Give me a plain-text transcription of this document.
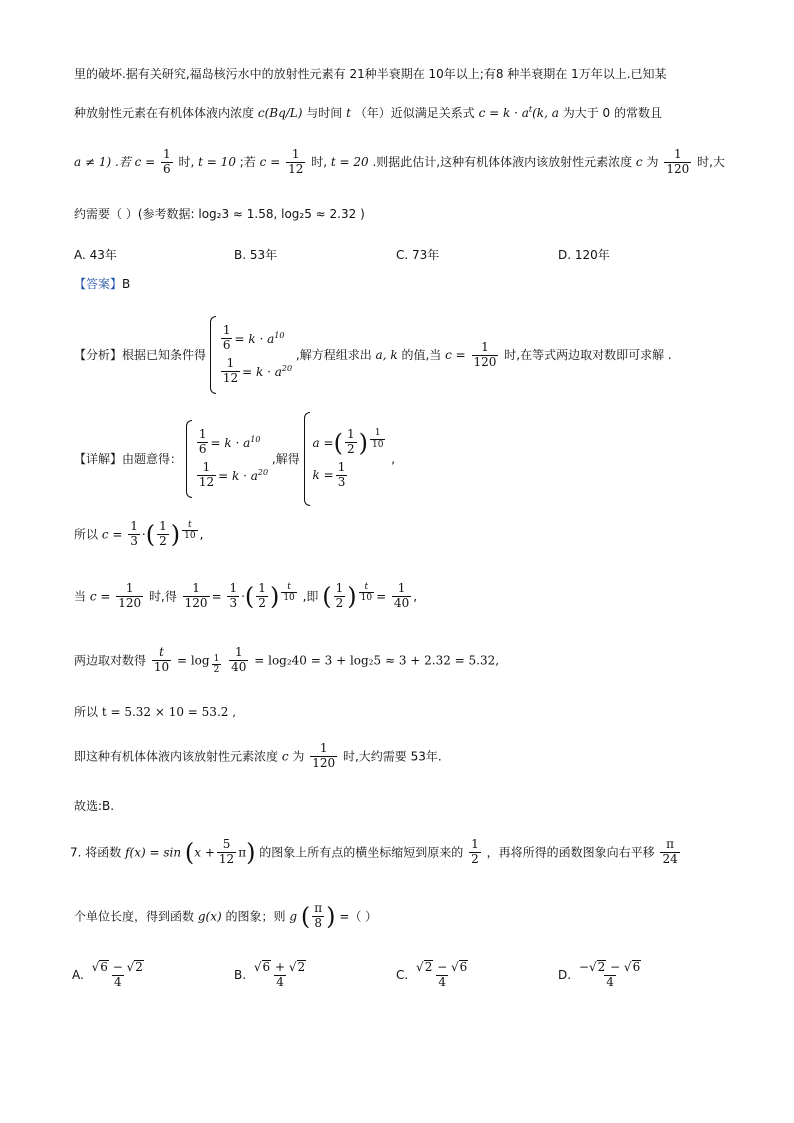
里的破坏.据有关研究,福岛核污水中的放射性元素有 21种半衰期在 10年以上;有8 种半衰期在 1万年以上.已知某
种放射性元素在有机体体液内浓度 c(Bq/L) 与时间 t （年）近似满足关系式 $c = k \cdot a^t(k$, a 为大于 0 的常数且
a ≠ 1) .若 $c = \frac{1}{6}$ 时, t = 10 ;若 $c = \frac{1}{12}$ 时, t = 20 .则据此估计,这种有机体体液内该放射性元素浓度 c 为 $\frac{1}{120}$ 时,大
约需要（ ）(参考数据: log₂3 ≈ 1.58, log₂5 ≈ 2.32 )
A. 43年	B. 53年	C. 73年	D. 120年
【答案】B
【分析】根据已知条件得
$\frac{1}{6} = k \cdot a^{10}$
$\frac{1}{12} = k \cdot a^{20}$
,解方程组求出 a, k 的值,当 $c = \frac{1}{120}$ 时,在等式两边取对数即可求解 .
【详解】由题意得：
$\frac{1}{6} = k \cdot a^{10}$
$\frac{1}{12} = k \cdot a^{20}$
,解得
a = ( $\frac{1}{2}$ ) $^{\frac{1}{10}}$
$k = \frac{1}{3}$
,
所以 $c = \frac{1}{3}$ ·( $\frac{1}{2}$ ) $^{\frac{t}{10}}$ ,
当 $c = \frac{1}{120}$ 时,得 $\frac{1}{120} = \frac{1}{3}$ ·( $\frac{1}{2}$ ) $^{\frac{t}{10}}$ ,即 ( $\frac{1}{2}$ ) $^{\frac{t}{10}} = \frac{1}{40}$ ,
两边取对数得 $\frac{t}{10} = \log _{\frac{1}{2}}$
$\frac{1}{40} = \log_240 = 3 + \log_25 \approx 3 + 2.32 = 5.32$,
所以 t = 5.32 × 10 = 53.2 ,
即这种有机体体液内该放射性元素浓度 c 为 $\frac{1}{120}$ 时,大约需要 53年.
故选:B.
7. 将函数 $f(x) = \sin (x + \frac{5}{12} \pi)$ 的图象上所有点的横坐标缩短到原来的 $\frac{1}{2}$ ，再将所得的函数图象向右平移 $\frac{\pi}{24}$
个单位长度，得到函数 g(x) 的图象；则 g ( $\frac{\pi}{8}$ ) =（ ）
A. $\frac{√ 6 - √ 2}{4}$	B. $\frac{√ 6 + √ 2}{4}$	C. $\frac{√ 2 - √ 6}{4}$	D. $\frac{-√ 2 - √ 6}{4}$
